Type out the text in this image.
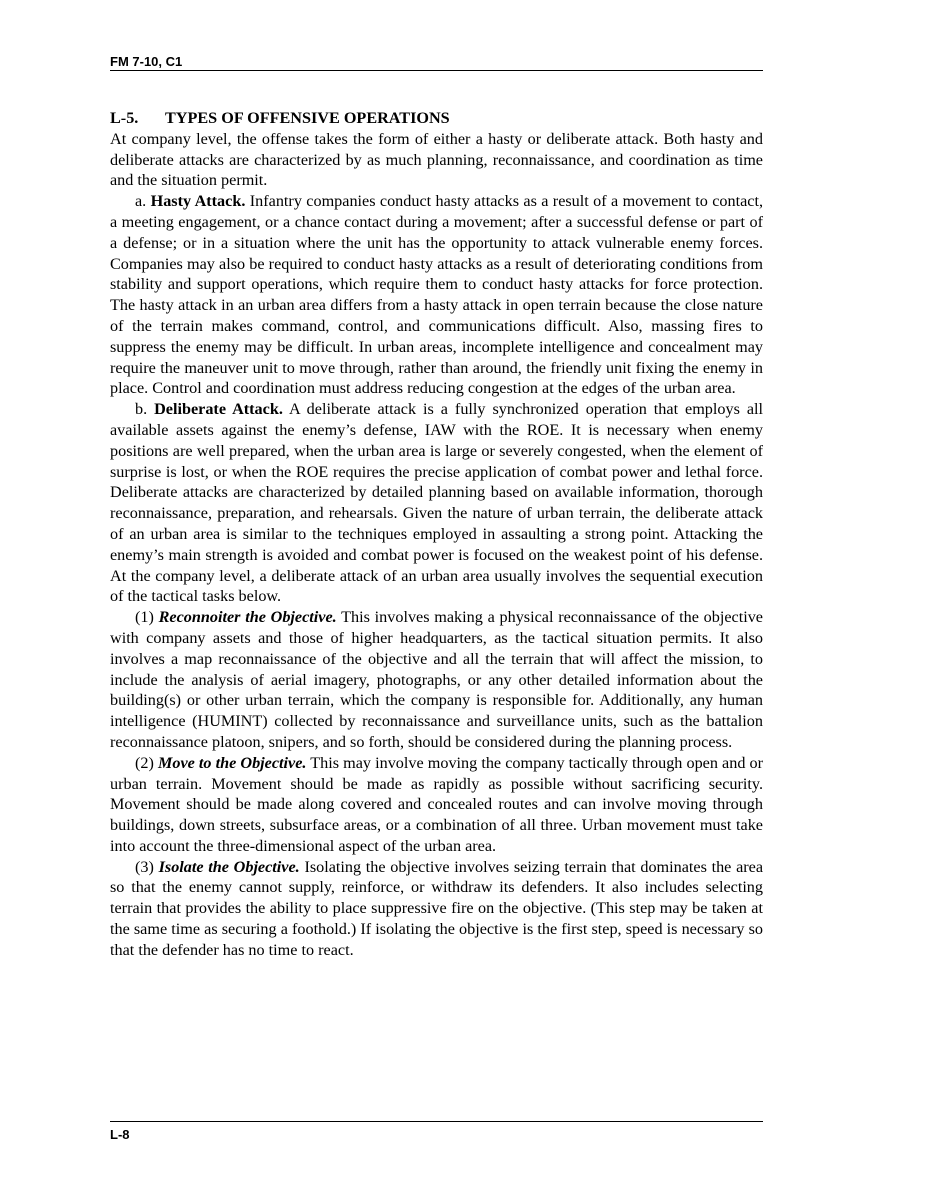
FM 7-10, C1

L-5. TYPES OF OFFENSIVE OPERATIONS

At company level, the offense takes the form of either a hasty or deliberate attack. Both hasty and deliberate attacks are characterized by as much planning, reconnaissance, and coordination as time and the situation permit.

a. Hasty Attack. Infantry companies conduct hasty attacks as a result of a movement to contact, a meeting engagement, or a chance contact during a movement; after a successful defense or part of a defense; or in a situation where the unit has the opportunity to attack vulnerable enemy forces. Companies may also be required to conduct hasty attacks as a result of deteriorating conditions from stability and support operations, which require them to conduct hasty attacks for force protection. The hasty attack in an urban area differs from a hasty attack in open terrain because the close nature of the terrain makes command, control, and communications difficult. Also, massing fires to suppress the enemy may be difficult. In urban areas, incomplete intelligence and concealment may require the maneuver unit to move through, rather than around, the friendly unit fixing the enemy in place. Control and coordination must address reducing congestion at the edges of the urban area.

b. Deliberate Attack. A deliberate attack is a fully synchronized operation that employs all available assets against the enemy’s defense, IAW with the ROE. It is necessary when enemy positions are well prepared, when the urban area is large or severely congested, when the element of surprise is lost, or when the ROE requires the precise application of combat power and lethal force. Deliberate attacks are characterized by detailed planning based on available information, thorough reconnaissance, preparation, and rehearsals. Given the nature of urban terrain, the deliberate attack of an urban area is similar to the techniques employed in assaulting a strong point. Attacking the enemy’s main strength is avoided and combat power is focused on the weakest point of his defense. At the company level, a deliberate attack of an urban area usually involves the sequential execution of the tactical tasks below.

(1) Reconnoiter the Objective. This involves making a physical reconnaissance of the objective with company assets and those of higher headquarters, as the tactical situation permits. It also involves a map reconnaissance of the objective and all the terrain that will affect the mission, to include the analysis of aerial imagery, photographs, or any other detailed information about the building(s) or other urban terrain, which the company is responsible for. Additionally, any human intelligence (HUMINT) collected by reconnaissance and surveillance units, such as the battalion reconnaissance platoon, snipers, and so forth, should be considered during the planning process.

(2) Move to the Objective. This may involve moving the company tactically through open and or urban terrain. Movement should be made as rapidly as possible without sacrificing security. Movement should be made along covered and concealed routes and can involve moving through buildings, down streets, subsurface areas, or a combination of all three. Urban movement must take into account the three-dimensional aspect of the urban area.

(3) Isolate the Objective. Isolating the objective involves seizing terrain that dominates the area so that the enemy cannot supply, reinforce, or withdraw its defenders. It also includes selecting terrain that provides the ability to place suppressive fire on the objective. (This step may be taken at the same time as securing a foothold.) If isolating the objective is the first step, speed is necessary so that the defender has no time to react.

L-8
